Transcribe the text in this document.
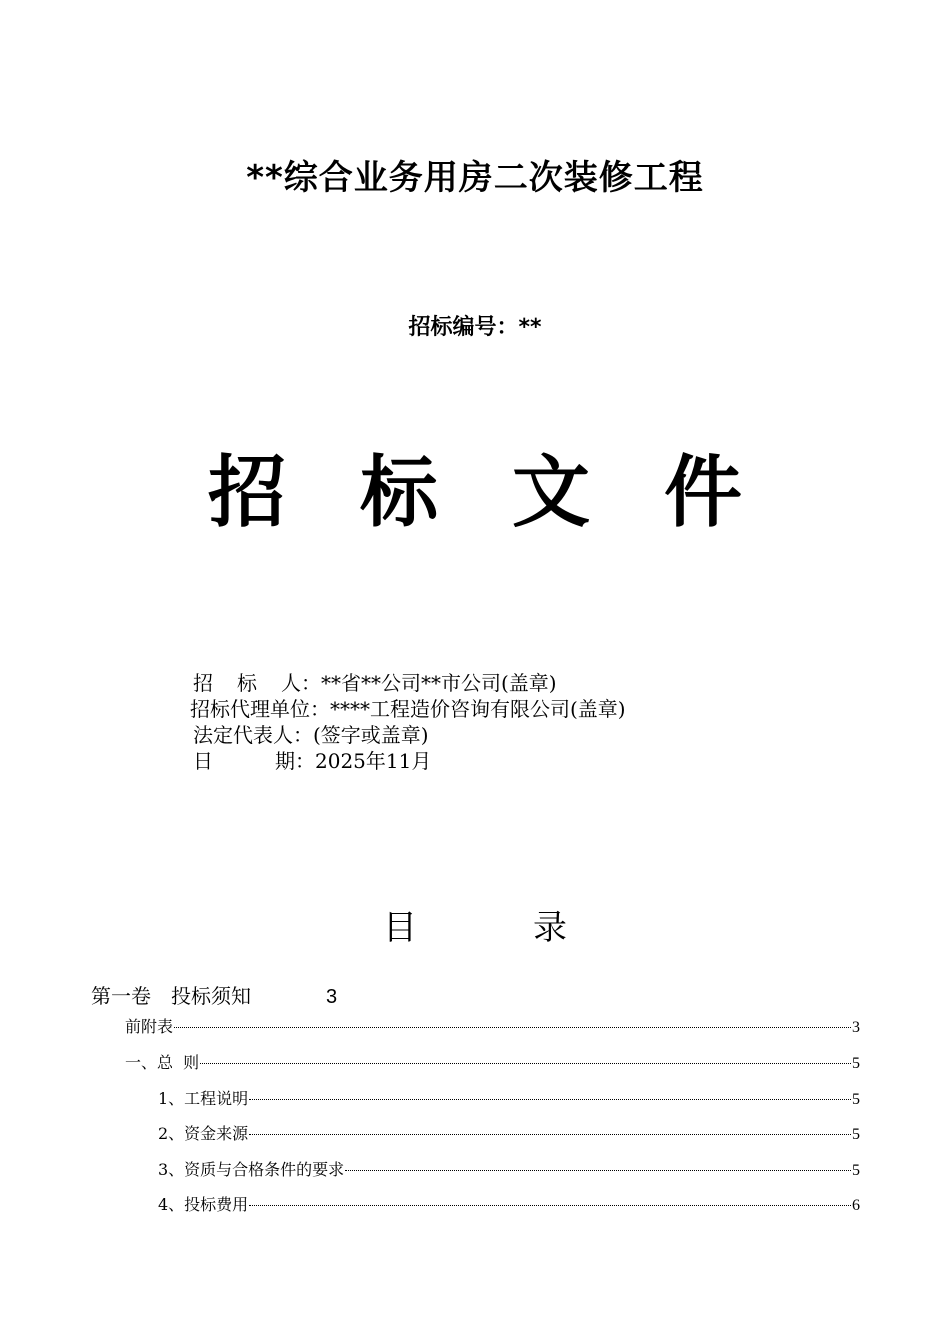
**综合业务用房二次装修工程
招标编号：**
招 标 文 件
招 标 人：**省**公司**市公司(盖章)
招标代理单位：****工程造价咨询有限公司(盖章)
法定代表人：(签字或盖章)
日	期：2025年11月
目	录
第一卷　投标须知	3
前附表	3
一、总  则	5
1、工程说明	5
2、资金来源	5
3、资质与合格条件的要求	5
4、投标费用	6
